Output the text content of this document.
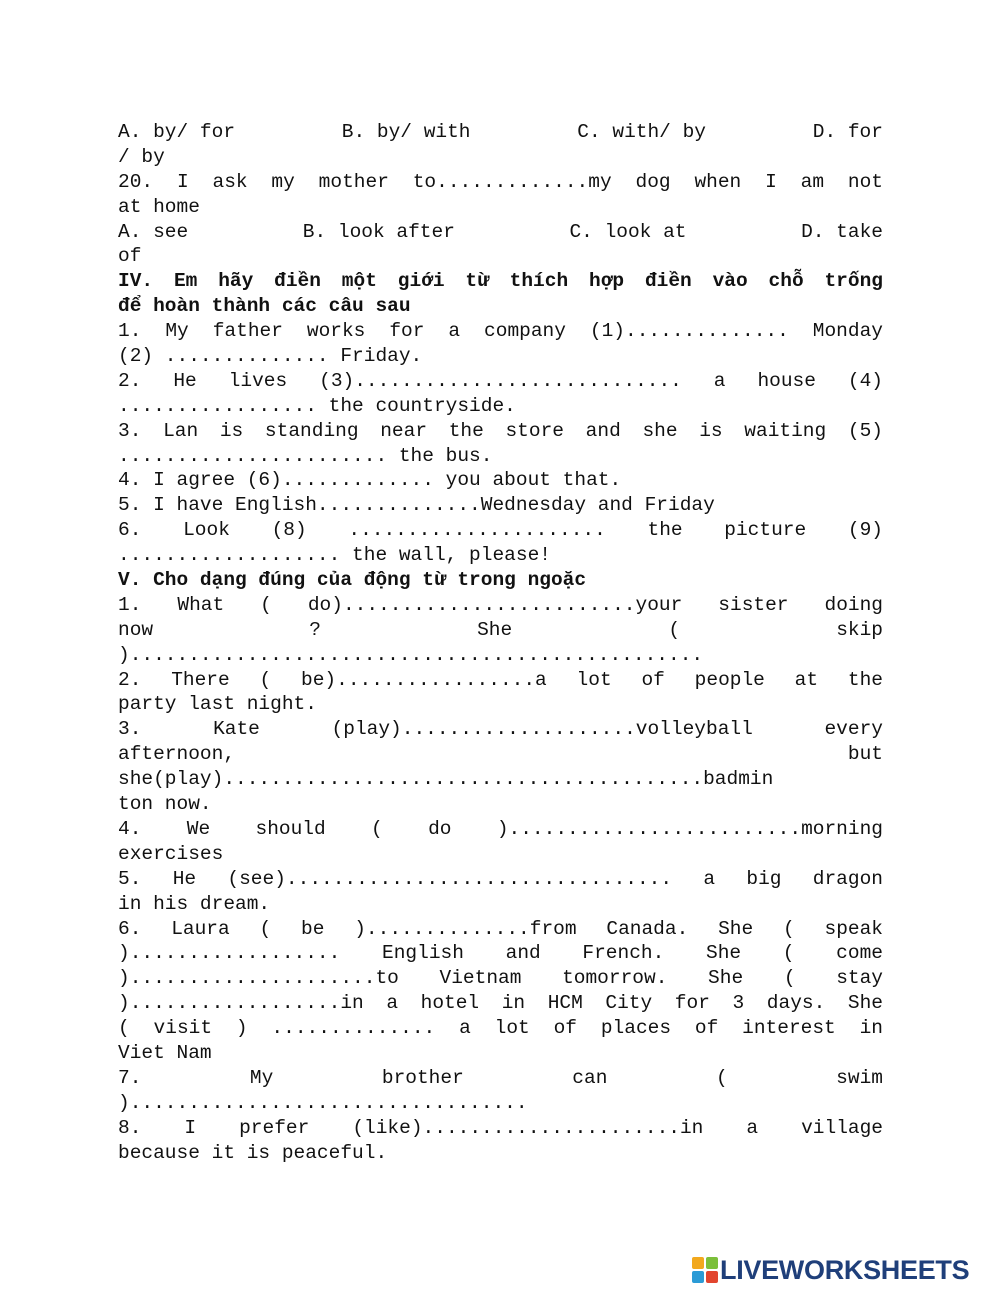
A. by/ for	B. by/ with	C. with/ by	D. for
/ by
20. I ask my mother to.............my dog when I am not
at home
A. see	B. look after	C. look at	D. take
of
IV. Em hãy điền một giới từ thích hợp điền vào chỗ trống
để hoàn thành các câu sau
1. My father works for a company (1).............. Monday
(2) .............. Friday.
2. He lives (3)............................ a house (4)
................. the countryside.
3. Lan is standing near the store and she is waiting (5)
....................... the bus.
4. I agree (6)............. you about that.
5. I have English..............Wednesday and Friday
6. Look (8) ...................... the picture (9)
................... the wall, please!
V. Cho dạng đúng của động từ trong ngoặc
1. What ( do).........................your sister doing
now ? She ( skip
).................................................
2. There ( be).................a lot of people at the
party last night.
3. Kate (play)....................volleyball every
afternoon, but
she(play).........................................badmin
ton now.
4. We should ( do ).........................morning
exercises
5. He (see)................................. a big dragon
in his dream.
6. Laura ( be )..............from Canada. She ( speak
).................. English and French. She ( come
).....................to Vietnam tomorrow. She ( stay
)..................in a hotel in HCM City for 3 days. She
( visit ) .............. a lot of places of interest in
Viet Nam
7. My brother can ( swim
)..................................
8. I prefer (like)......................in a village
because it is peaceful.
LIVEWORKSHEETS
